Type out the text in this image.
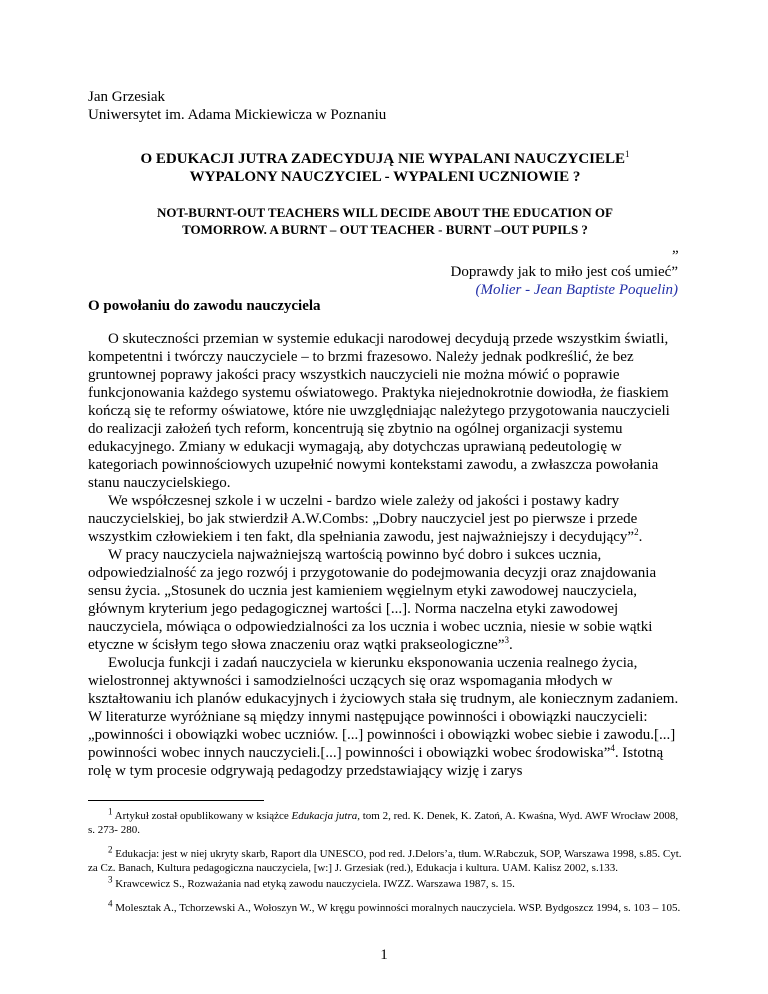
Jan Grzesiak
Uniwersytet im. Adama Mickiewicza w Poznaniu
O EDUKACJI JUTRA ZADECYDUJĄ NIE WYPALANI NAUCZYCIELE$^1$
WYPALONY NAUCZYCIEL - WYPALENI UCZNIOWIE ?
NOT-BURNT-OUT TEACHERS WILL DECIDE ABOUT THE EDUCATION OF
TOMORROW. A BURNT – OUT TEACHER - BURNT –OUT PUPILS ?
„
Doprawdy jak to miło jest coś umieć”
(Molier - Jean Baptiste Poquelin)
O powołaniu do zawodu nauczyciela

O skuteczności przemian w systemie edukacji narodowej decydują przede wszystkim światli, kompetentni i twórczy nauczyciele – to brzmi frazesowo. Należy jednak podkreślić, że bez gruntownej poprawy jakości pracy wszystkich nauczycieli nie można mówić o poprawie funkcjonowania każdego systemu oświatowego. Praktyka niejednokrotnie dowiodła, że fiaskiem kończą się te reformy oświatowe, które nie uwzględniając należytego przygotowania nauczycieli do realizacji założeń tych reform, koncentrują się zbytnio na ogólnej organizacji systemu edukacyjnego. Zmiany w edukacji wymagają, aby dotychczas uprawianą pedeutologię w kategoriach powinnościowych uzupełnić nowymi kontekstami zawodu, a zwłaszcza powołania stanu nauczycielskiego.

We współczesnej szkole i w uczelni - bardzo wiele zależy od jakości i postawy kadry nauczycielskiej, bo jak stwierdził A.W.Combs: „Dobry nauczyciel jest po pierwsze i przede wszystkim człowiekiem i ten fakt, dla spełniania zawodu, jest najważniejszy i decydujący”$^2$.

W pracy nauczyciela najważniejszą wartością powinno być dobro i sukces ucznia, odpowiedzialność za jego rozwój i przygotowanie do podejmowania decyzji oraz znajdowania sensu życia. „Stosunek do ucznia jest kamieniem węgielnym etyki zawodowej nauczyciela, głównym kryterium jego pedagogicznej wartości [...]. Norma naczelna etyki zawodowej nauczyciela, mówiąca o odpowiedzialności za los ucznia i wobec ucznia, niesie w sobie wątki etyczne w ścisłym tego słowa znaczeniu oraz wątki prakseologiczne”$^3$.

Ewolucja funkcji i zadań nauczyciela w kierunku eksponowania uczenia realnego życia, wielostronnej aktywności i samodzielności uczących się oraz wspomagania młodych w kształtowaniu ich planów edukacyjnych i życiowych stała się trudnym, ale koniecznym zadaniem. W literaturze wyróżniane są między innymi następujące powinności i obowiązki nauczycieli: „powinności i obowiązki wobec uczniów. [...] powinności i obowiązki wobec siebie i zawodu.[...] powinności wobec innych nauczycieli.[...] powinności i obowiązki wobec środowiska”$^4$. Istotną rolę w tym procesie odgrywają pedagodzy przedstawiający wizję i zarys

$^1$ Artykuł został opublikowany w książce Edukacja jutra, tom 2, red. K. Denek, K. Zatoń, A. Kwaśna, Wyd. AWF Wrocław 2008, s. 273- 280.

$^2$ Edukacja: jest w niej ukryty skarb, Raport dla UNESCO, pod red. J.Delors’a, tłum. W.Rabczuk, SOP, Warszawa 1998, s.85. Cyt. za Cz. Banach, Kultura pedagogiczna nauczyciela, [w:] J. Grzesiak (red.), Edukacja i kultura. UAM. Kalisz 2002, s.133.

$^3$ Krawcewicz S., Rozważania nad etyką zawodu nauczyciela. IWZZ. Warszawa 1987, s. 15.

$^4$ Molesztak A., Tchorzewski A., Wołoszyn W., W kręgu powinności moralnych nauczyciela. WSP. Bydgoszcz 1994, s. 103 – 105.

1
